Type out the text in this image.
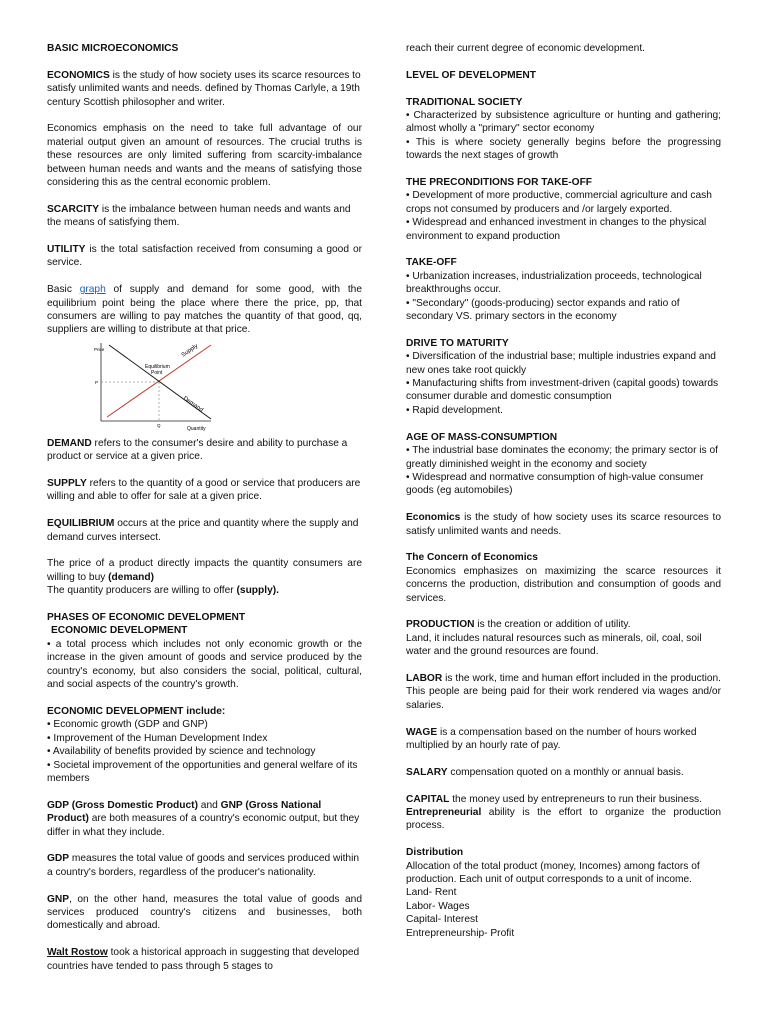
BASIC MICROECONOMICS

ECONOMICS is the study of how society uses its scarce resources to satisfy unlimited wants and needs. defined by Thomas Carlyle, a 19th century Scottish philosopher and writer.

Economics emphasis on the need to take full advantage of our material output given an amount of resources. The crucial truths is these resources are only limited suffering from scarcity-imbalance between human needs and wants and the means of satisfying those considering this as the central economic problem.

SCARCITY is the imbalance between human needs and wants and the means of satisfying them.

UTILITY is the total satisfaction received from consuming a good or service.

Basic graph of supply and demand for some good, with the equilibrium point being the place where there the price, pp, that consumers are willing to pay matches the quantity of that good, qq, suppliers are willing to distribute at that price.

Price
P
Q
Quantity
Supply
Demand
Equilibrium
Point

DEMAND refers to the consumer's desire and ability to purchase a product or service at a given price.

SUPPLY refers to the quantity of a good or service that producers are willing and able to offer for sale at a given price.

EQUILIBRIUM occurs at the price and quantity where the supply and demand curves intersect.

The price of a product directly impacts the quantity consumers are willing to buy (demand)
The quantity producers are willing to offer (supply).

PHASES OF ECONOMIC DEVELOPMENT
ECONOMIC DEVELOPMENT
• a total process which includes not only economic growth or the increase in the given amount of goods and service produced by the country's economy, but also considers the social, political, cultural, and social aspects of the country's growth.

ECONOMIC DEVELOPMENT include:
• Economic growth (GDP and GNP)
• Improvement of the Human Development Index
• Availability of benefits provided by science and technology
• Societal improvement of the opportunities and general welfare of its members

GDP (Gross Domestic Product) and GNP (Gross National Product) are both measures of a country's economic output, but they differ in what they include.

GDP measures the total value of goods and services produced within a country's borders, regardless of the producer's nationality.

GNP, on the other hand, measures the total value of goods and services produced country's citizens and businesses, both domestically and abroad.

Walt Rostow took a historical approach in suggesting that developed countries have tended to pass through 5 stages to

reach their current degree of economic development.

LEVEL OF DEVELOPMENT

TRADITIONAL SOCIETY
• Characterized by subsistence agriculture or hunting and gathering; almost wholly a "primary" sector economy
• This is where society generally begins before the progressing towards the next stages of growth

THE PRECONDITIONS FOR TAKE-OFF
• Development of more productive, commercial agriculture and cash crops not consumed by producers and /or largely exported.
• Widespread and enhanced investment in changes to the physical environment to expand production

TAKE-OFF
• Urbanization increases, industrialization proceeds, technological breakthroughs occur.
• "Secondary" (goods-producing) sector expands and ratio of secondary VS. primary sectors in the economy

DRIVE TO MATURITY
• Diversification of the industrial base; multiple industries expand and new ones take root quickly
• Manufacturing shifts from investment-driven (capital goods) towards consumer durable and domestic consumption
• Rapid development.

AGE OF MASS-CONSUMPTION
• The industrial base dominates the economy; the primary sector is of greatly diminished weight in the economy and society
• Widespread and normative consumption of high-value consumer goods (eg automobiles)

Economics is the study of how society uses its scarce resources to satisfy unlimited wants and needs.

The Concern of Economics
Economics emphasizes on maximizing the scarce resources it concerns the production, distribution and consumption of goods and services.

PRODUCTION is the creation or addition of utility.
Land, it includes natural resources such as minerals, oil, coal, soil water and the ground resources are found.

LABOR is the work, time and human effort included in the production. This people are being paid for their work rendered via wages and/or salaries.

WAGE is a compensation based on the number of hours worked multiplied by an hourly rate of pay.

SALARY compensation quoted on a monthly or annual basis.

CAPITAL the money used by entrepreneurs to run their business.
Entrepreneurial ability is the effort to organize the production process.

Distribution
Allocation of the total product (money, Incomes) among factors of production. Each unit of output corresponds to a unit of income.
Land- Rent
Labor- Wages
Capital- Interest
Entrepreneurship- Profit
